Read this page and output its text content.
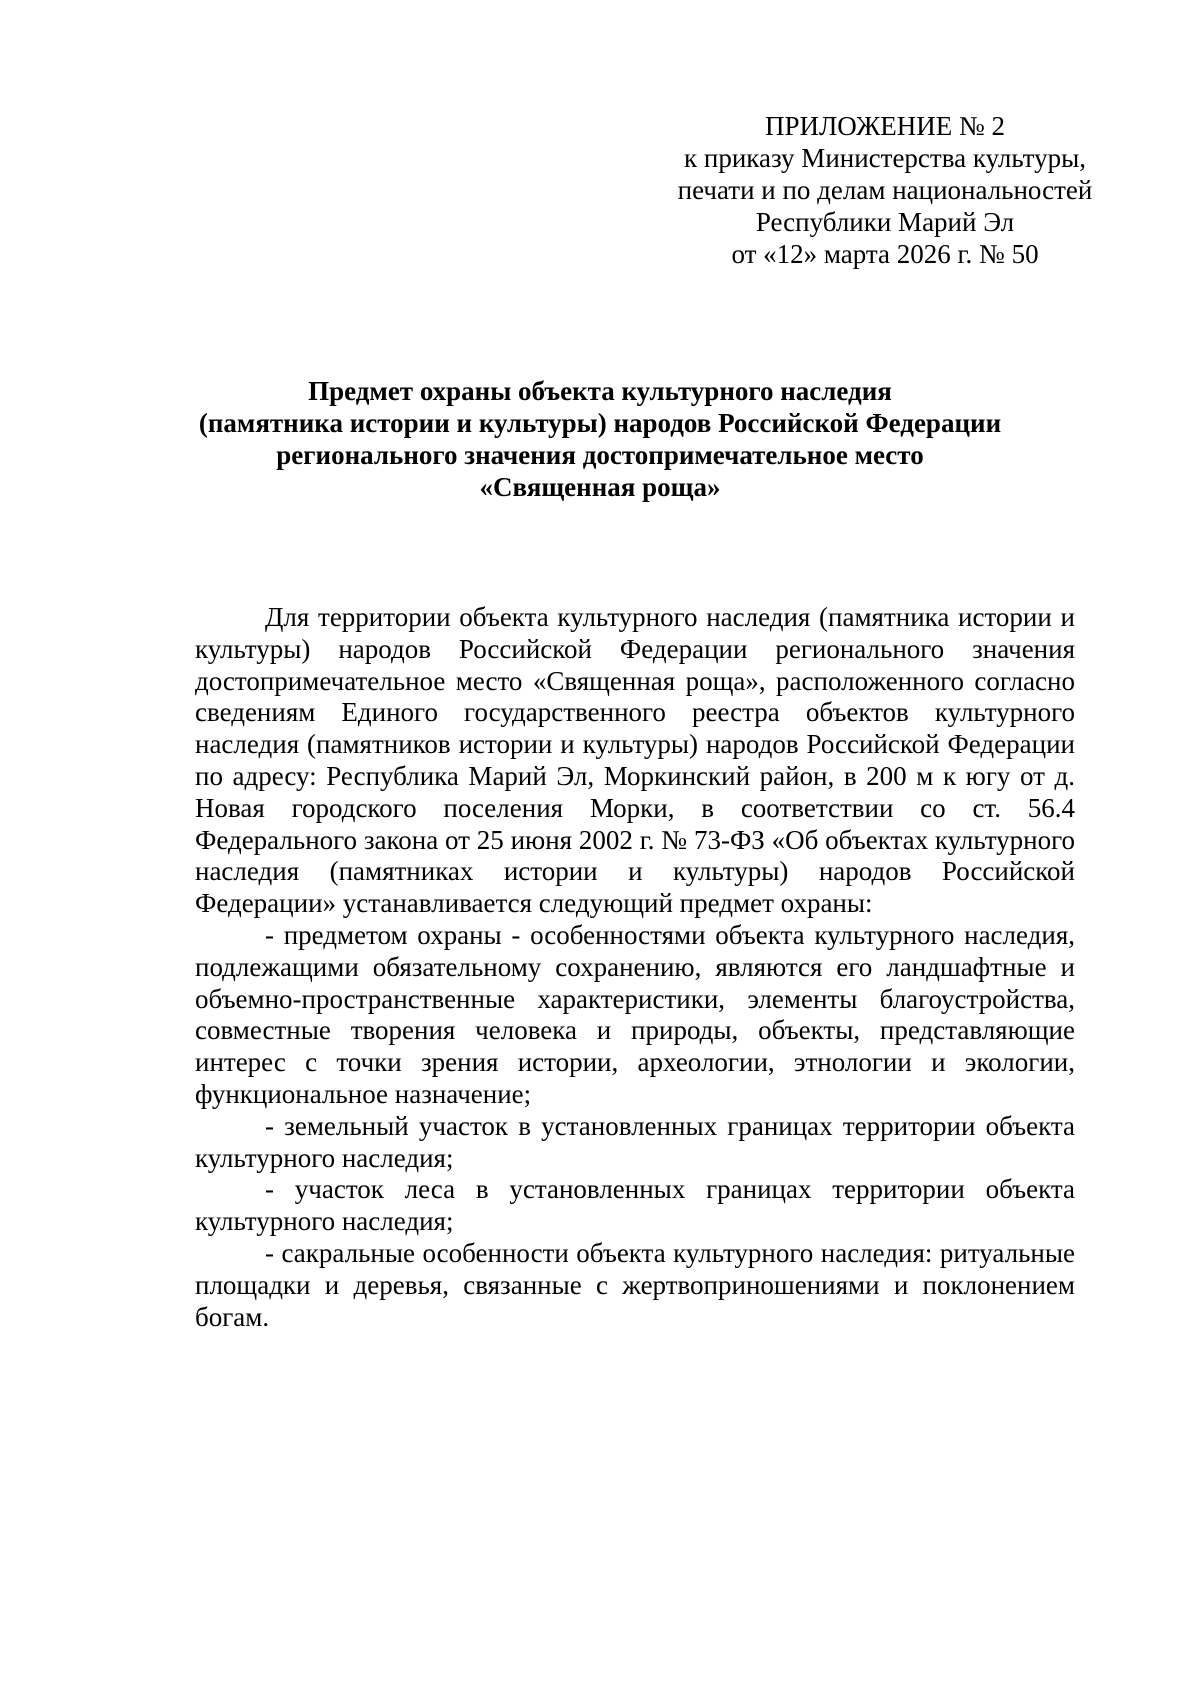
ПРИЛОЖЕНИЕ № 2
к приказу Министерства культуры,
печати и по делам национальностей
Республики Марий Эл
от «12» марта 2026 г. № 50
Предмет охраны объекта культурного наследия
(памятника истории и культуры) народов Российской Федерации
регионального значения достопримечательное место
«Священная роща»

Для территории объекта культурного наследия (памятника истории и культуры) народов Российской Федерации регионального значения достопримечательное место «Священная роща», расположенного согласно сведениям Единого государственного реестра объектов культурного наследия (памятников истории и культуры) народов Российской Федерации по адресу: Республика Марий Эл, Моркинский район, в 200 м к югу от д. Новая городского поселения Морки, в соответствии со ст. 56.4 Федерального закона от 25 июня 2002 г. № 73-ФЗ «Об объектах культурного наследия (памятниках истории и культуры) народов Российской Федерации» устанавливается следующий предмет охраны:

- предметом охраны - особенностями объекта культурного наследия, подлежащими обязательному сохранению, являются его ландшафтные и объемно-пространственные характеристики, элементы благоустройства, совместные творения человека и природы, объекты, представляющие интерес с точки зрения истории, археологии, этнологии и экологии, функциональное назначение;

- земельный участок в установленных границах территории объекта культурного наследия;

- участок леса в установленных границах территории объекта культурного наследия;

- сакральные особенности объекта культурного наследия: ритуальные площадки и деревья, связанные с жертвоприношениями и поклонением богам.
